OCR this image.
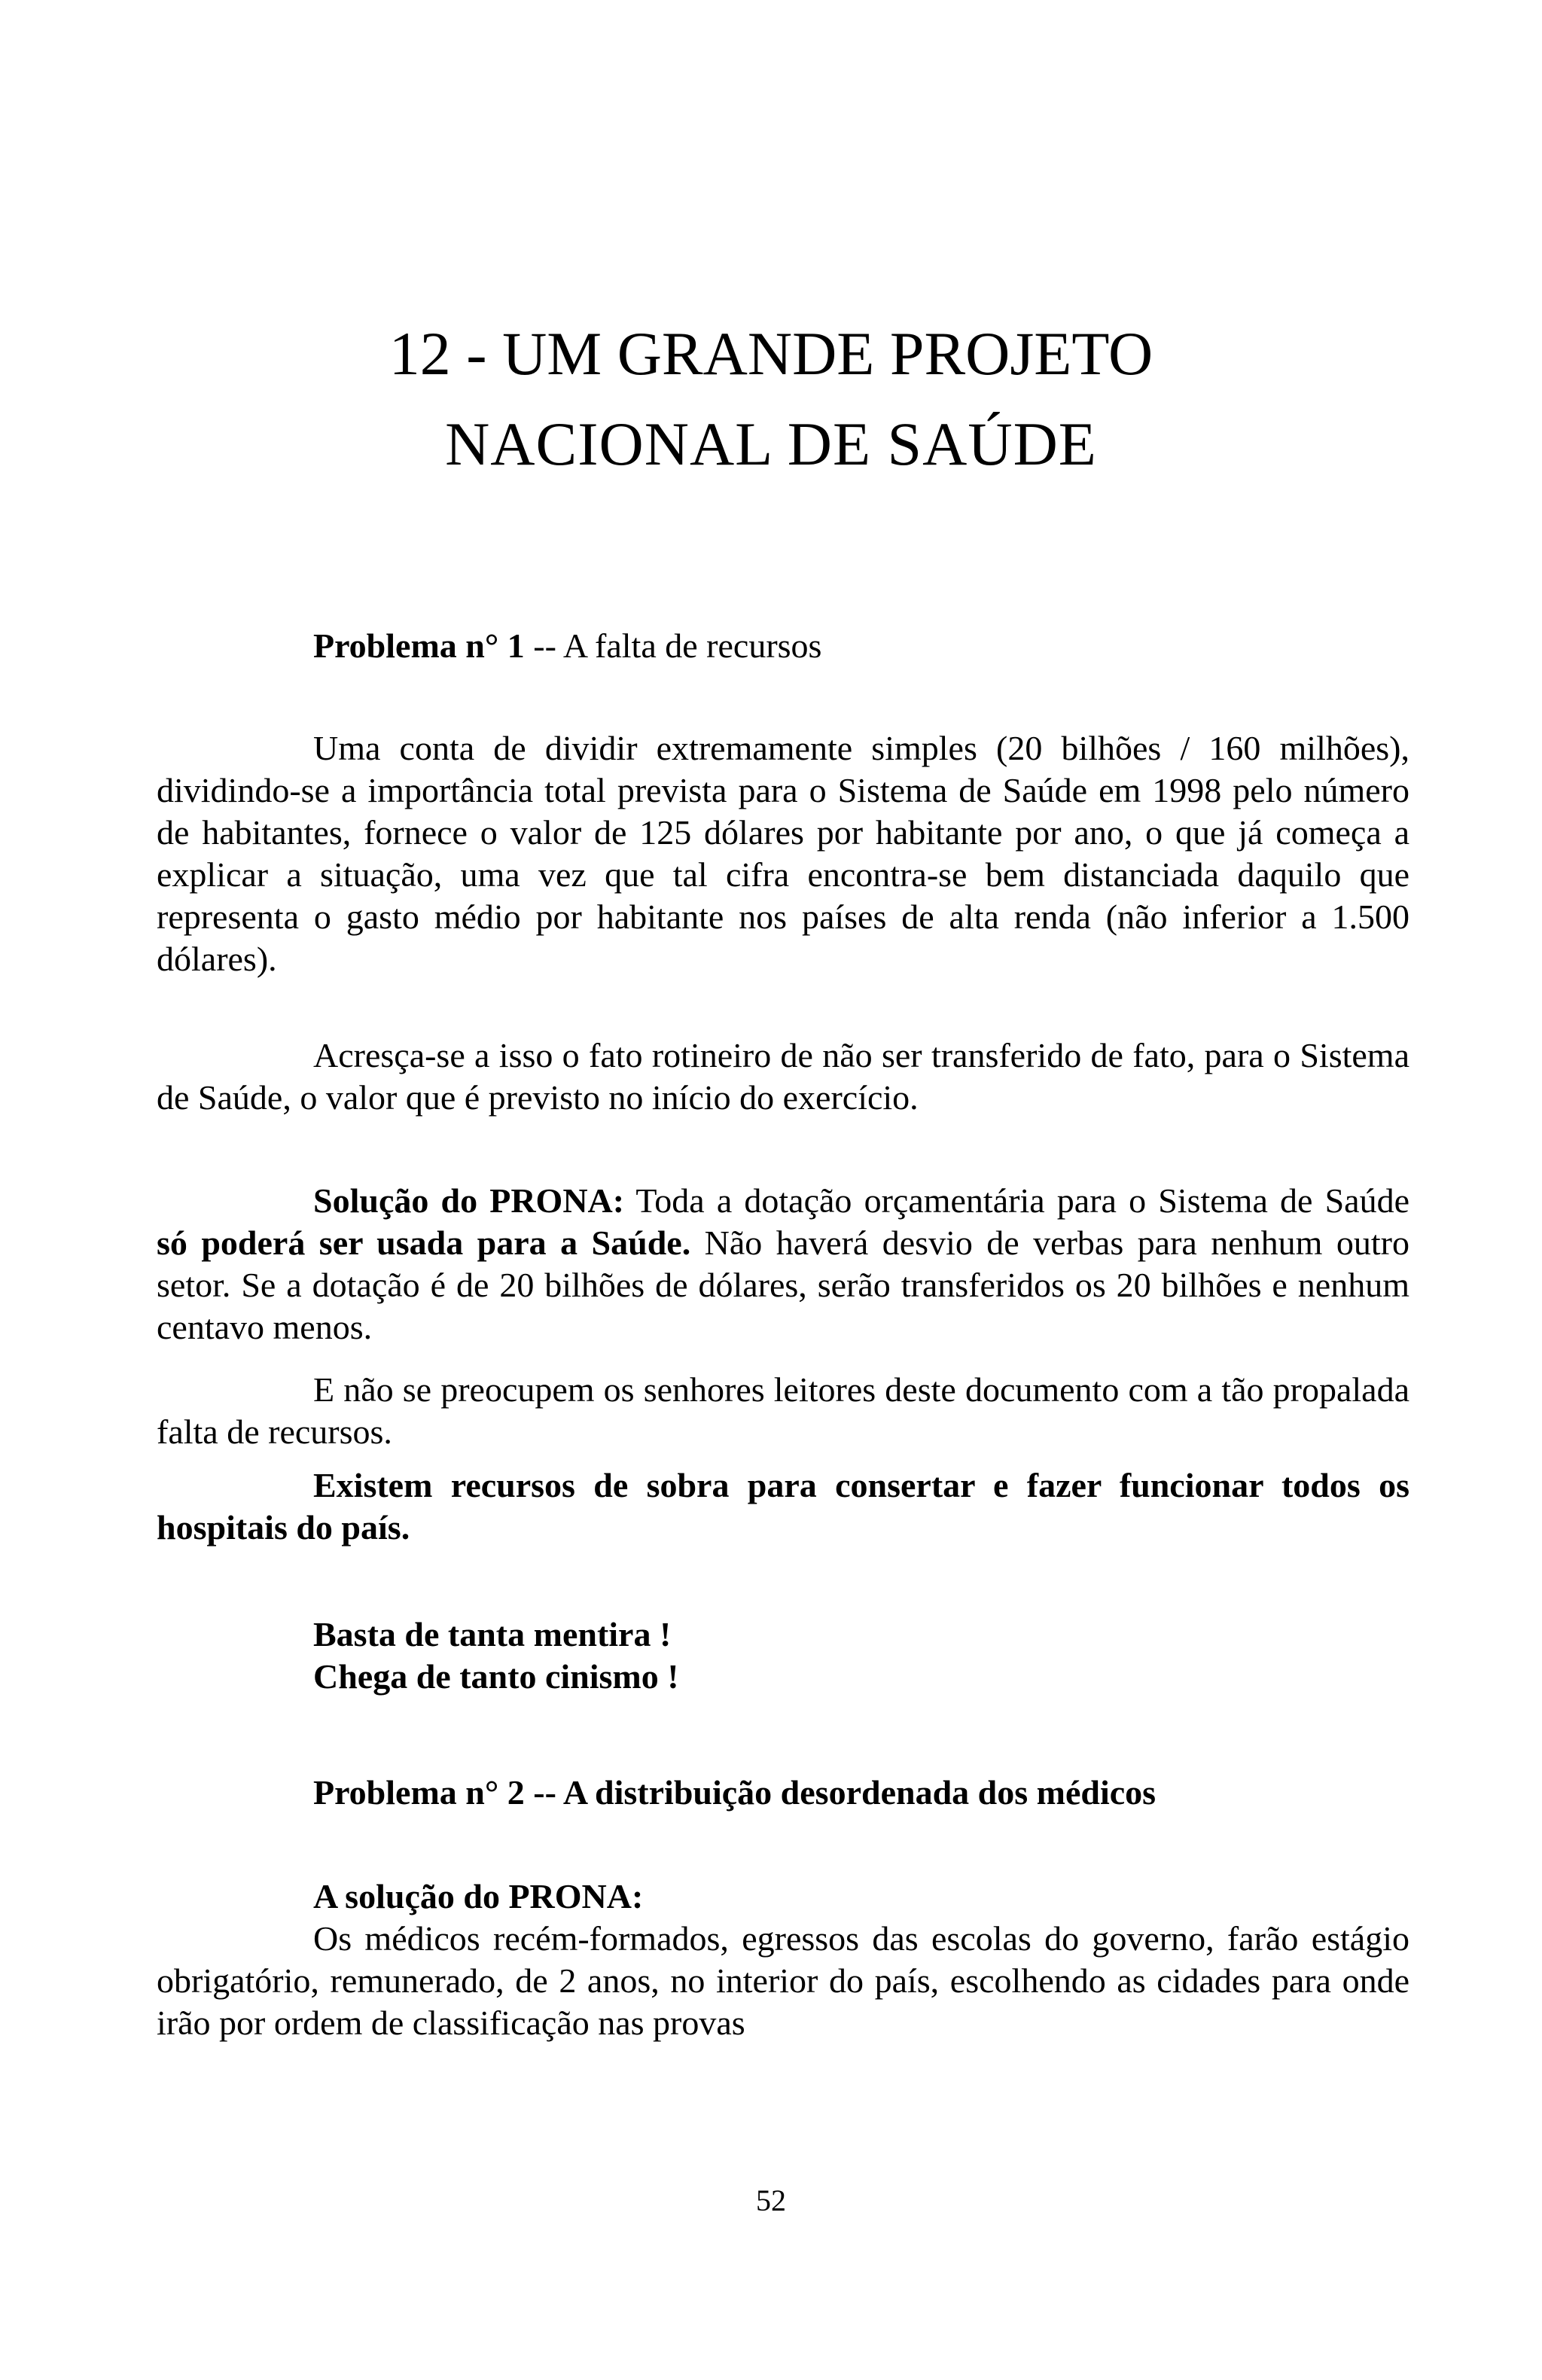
12 - UM GRANDE PROJETO
NACIONAL DE SAÚDE

Problema n° 1 -- A falta de recursos

Uma conta de dividir extremamente simples (20 bilhões / 160 milhões), dividindo-se a importância total prevista para o Sistema de Saúde em 1998 pelo número de habitantes, fornece o valor de 125 dólares por habitante por ano, o que já começa a explicar a situação, uma vez que tal cifra encontra-se bem distanciada daquilo que representa o gasto médio por habitante nos países de alta renda (não inferior a 1.500 dólares).

Acresça-se a isso o fato rotineiro de não ser transferido de fato, para o Sistema de Saúde, o valor que é previsto no início do exercício.

Solução do PRONA: Toda a dotação orçamentária para o Sistema de Saúde só poderá ser usada para a Saúde. Não haverá desvio de verbas para nenhum outro setor. Se a dotação é de 20 bilhões de dólares, serão transferidos os 20 bilhões e nenhum centavo menos.

E não se preocupem os senhores leitores deste documento com a tão propalada falta de recursos.

Existem recursos de sobra para consertar e fazer funcionar todos os hospitais do país.

Basta de tanta mentira !
Chega de tanto cinismo !

Problema n° 2 -- A distribuição desordenada dos médicos

A solução do PRONA:

Os médicos recém-formados, egressos das escolas do governo, farão estágio obrigatório, remunerado, de 2 anos, no interior do país, escolhendo as cidades para onde irão por ordem de classificação nas provas

52
